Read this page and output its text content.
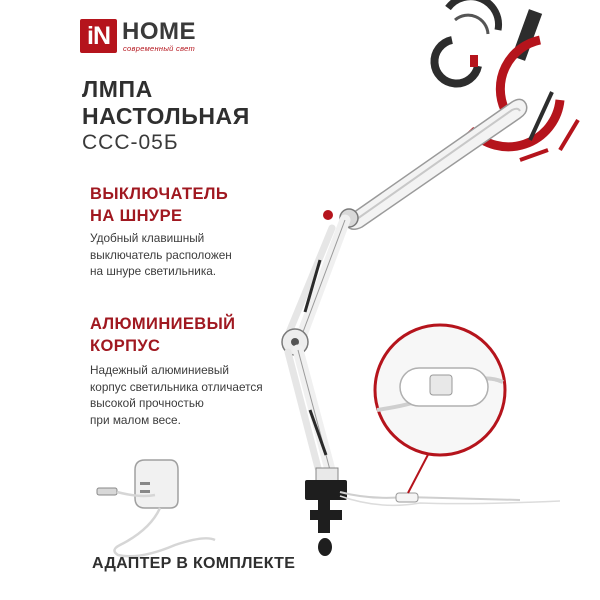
iN HOME
современный свет
ЛМПА
НАСТОЛЬНАЯ
ССС-05Б
ВЫКЛЮЧАТЕЛЬ
НА ШНУРЕ
Удобный клавишный
выключатель расположен
на шнуре светильника.
АЛЮМИНИЕВЫЙ
КОРПУС
Надежный алюминиевый
корпус светильника отличается
высокой прочностью
при малом весе.
АДАПТЕР В КОМПЛЕКТЕ
